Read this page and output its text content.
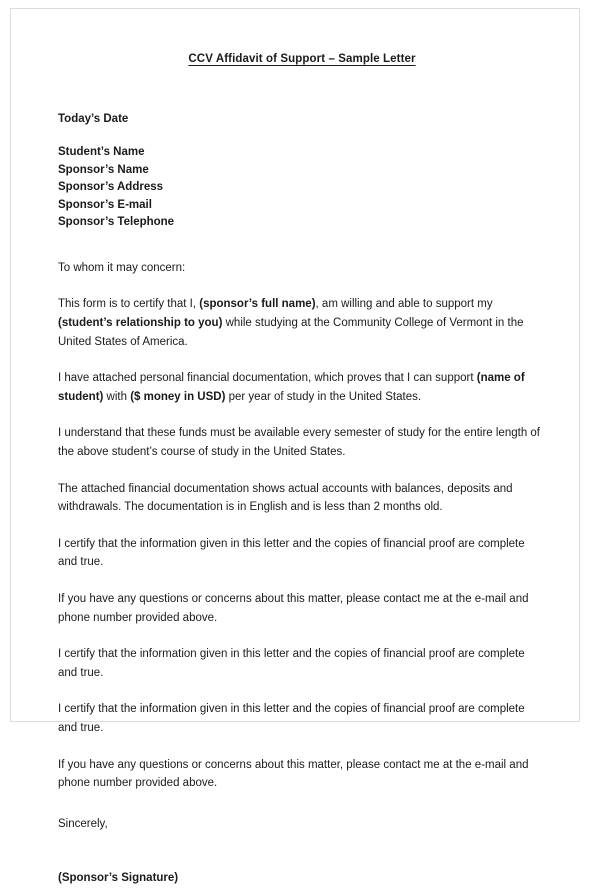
CCV Affidavit of Support – Sample Letter
Today’s Date
Student’s Name
Sponsor’s Name
Sponsor’s Address
Sponsor’s E-mail
Sponsor’s Telephone
To whom it may concern:

This form is to certify that I, (sponsor’s full name), am willing and able to support my (student’s relationship to you) while studying at the Community College of Vermont in the United States of America.

I have attached personal financial documentation, which proves that I can support (name of student) with ($ money in USD) per year of study in the United States.

I understand that these funds must be available every semester of study for the entire length of the above student’s course of study in the United States.

The attached financial documentation shows actual accounts with balances, deposits and withdrawals. The documentation is in English and is less than 2 months old.

I certify that the information given in this letter and the copies of financial proof are complete and true.

If you have any questions or concerns about this matter, please contact me at the e-mail and phone number provided above.

I certify that the information given in this letter and the copies of financial proof are complete and true.

I certify that the information given in this letter and the copies of financial proof are complete and true.

If you have any questions or concerns about this matter, please contact me at the e-mail and phone number provided above.

Sincerely,
(Sponsor’s Signature)
